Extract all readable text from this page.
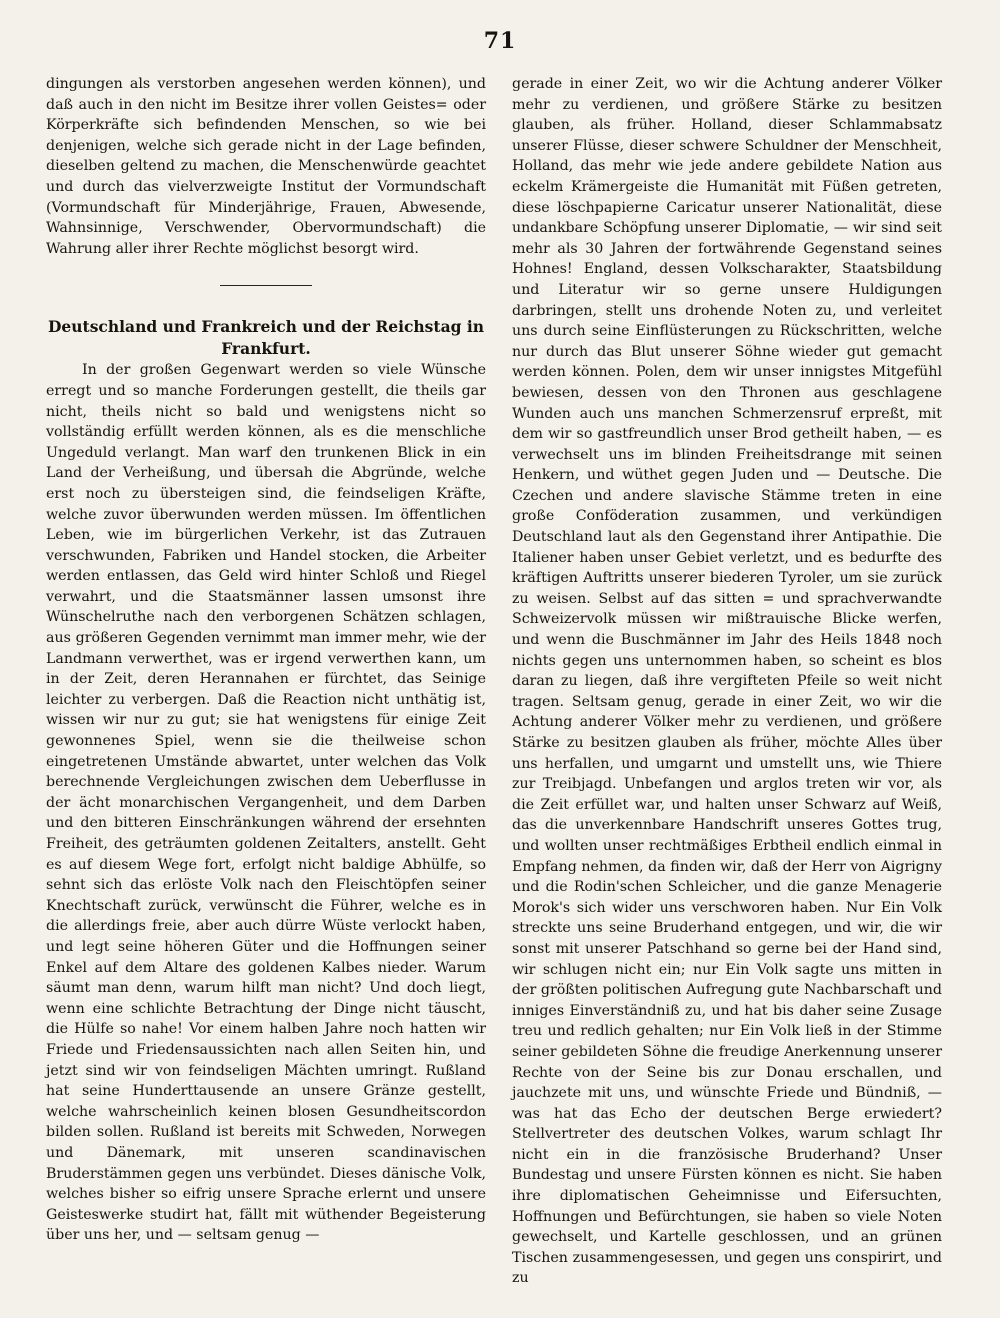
71

dingungen als verstorben angesehen werden können), und daß auch in den nicht im Besitze ihrer vollen Geistes= oder Körperkräfte sich befindenden Menschen, so wie bei denjenigen, welche sich gerade nicht in der Lage befinden, dieselben geltend zu machen, die Menschenwürde geachtet und durch das vielverzweigte Institut der Vormundschaft (Vormundschaft für Minderjährige, Frauen, Abwesende, Wahnsinnige, Verschwender, Obervormundschaft) die Wahrung aller ihrer Rechte möglichst besorgt wird.

Deutschland und Frankreich und der Reichstag in Frankfurt.

In der großen Gegenwart werden so viele Wünsche erregt und so manche Forderungen gestellt, die theils gar nicht, theils nicht so bald und wenigstens nicht so vollständig erfüllt werden können, als es die menschliche Ungeduld verlangt. Man warf den trunkenen Blick in ein Land der Verheißung, und übersah die Abgründe, welche erst noch zu übersteigen sind, die feindseligen Kräfte, welche zuvor überwunden werden müssen. Im öffentlichen Leben, wie im bürgerlichen Verkehr, ist das Zutrauen verschwunden, Fabriken und Handel stocken, die Arbeiter werden entlassen, das Geld wird hinter Schloß und Riegel verwahrt, und die Staatsmänner lassen umsonst ihre Wünschelruthe nach den verborgenen Schätzen schlagen, aus größeren Gegenden vernimmt man immer mehr, wie der Landmann verwerthet, was er irgend verwerthen kann, um in der Zeit, deren Herannahen er fürchtet, das Seinige leichter zu verbergen. Daß die Reaction nicht unthätig ist, wissen wir nur zu gut; sie hat wenigstens für einige Zeit gewonnenes Spiel, wenn sie die theilweise schon eingetretenen Umstände abwartet, unter welchen das Volk berechnende Vergleichungen zwischen dem Ueberflusse in der ächt monarchischen Vergangenheit, und dem Darben und den bitteren Einschränkungen während der ersehnten Freiheit, des geträumten goldenen Zeitalters, anstellt. Geht es auf diesem Wege fort, erfolgt nicht baldige Abhülfe, so sehnt sich das erlöste Volk nach den Fleischtöpfen seiner Knechtschaft zurück, verwünscht die Führer, welche es in die allerdings freie, aber auch dürre Wüste verlockt haben, und legt seine höheren Güter und die Hoffnungen seiner Enkel auf dem Altare des goldenen Kalbes nieder. Warum säumt man denn, warum hilft man nicht? Und doch liegt, wenn eine schlichte Betrachtung der Dinge nicht täuscht, die Hülfe so nahe! Vor einem halben Jahre noch hatten wir Friede und Friedensaussichten nach allen Seiten hin, und jetzt sind wir von feindseligen Mächten umringt. Rußland hat seine Hunderttausende an unsere Gränze gestellt, welche wahrscheinlich keinen blosen Gesundheitscordon bilden sollen. Rußland ist bereits mit Schweden, Norwegen und Dänemark, mit unseren scandinavischen Bruderstämmen gegen uns verbündet. Dieses dänische Volk, welches bisher so eifrig unsere Sprache erlernt und unsere Geisteswerke studirt hat, fällt mit wüthender Begeisterung über uns her, und — seltsam genug —

gerade in einer Zeit, wo wir die Achtung anderer Völker mehr zu verdienen, und größere Stärke zu besitzen glauben, als früher. Holland, dieser Schlammabsatz unserer Flüsse, dieser schwere Schuldner der Menschheit, Holland, das mehr wie jede andere gebildete Nation aus eckelm Krämergeiste die Humanität mit Füßen getreten, diese löschpapierne Caricatur unserer Nationalität, diese undankbare Schöpfung unserer Diplomatie, — wir sind seit mehr als 30 Jahren der fortwährende Gegenstand seines Hohnes! England, dessen Volkscharakter, Staatsbildung und Literatur wir so gerne unsere Huldigungen darbringen, stellt uns drohende Noten zu, und verleitet uns durch seine Einflüsterungen zu Rückschritten, welche nur durch das Blut unserer Söhne wieder gut gemacht werden können. Polen, dem wir unser innigstes Mitgefühl bewiesen, dessen von den Thronen aus geschlagene Wunden auch uns manchen Schmerzensruf erpreßt, mit dem wir so gastfreundlich unser Brod getheilt haben, — es verwechselt uns im blinden Freiheitsdrange mit seinen Henkern, und wüthet gegen Juden und — Deutsche. Die Czechen und andere slavische Stämme treten in eine große Conföderation zusammen, und verkündigen Deutschland laut als den Gegenstand ihrer Antipathie. Die Italiener haben unser Gebiet verletzt, und es bedurfte des kräftigen Auftritts unserer biederen Tyroler, um sie zurück zu weisen. Selbst auf das sitten = und sprachverwandte Schweizervolk müssen wir mißtrauische Blicke werfen, und wenn die Buschmänner im Jahr des Heils 1848 noch nichts gegen uns unternommen haben, so scheint es blos daran zu liegen, daß ihre vergifteten Pfeile so weit nicht tragen. Seltsam genug, gerade in einer Zeit, wo wir die Achtung anderer Völker mehr zu verdienen, und größere Stärke zu besitzen glauben als früher, möchte Alles über uns herfallen, und umgarnt und umstellt uns, wie Thiere zur Treibjagd. Unbefangen und arglos treten wir vor, als die Zeit erfüllet war, und halten unser Schwarz auf Weiß, das die unverkennbare Handschrift unseres Gottes trug, und wollten unser rechtmäßiges Erbtheil endlich einmal in Empfang nehmen, da finden wir, daß der Herr von Aigrigny und die Rodin'schen Schleicher, und die ganze Menagerie Morok's sich wider uns verschworen haben. Nur Ein Volk streckte uns seine Bruderhand entgegen, und wir, die wir sonst mit unserer Patschhand so gerne bei der Hand sind, wir schlugen nicht ein; nur Ein Volk sagte uns mitten in der größten politischen Aufregung gute Nachbarschaft und inniges Einverständniß zu, und hat bis daher seine Zusage treu und redlich gehalten; nur Ein Volk ließ in der Stimme seiner gebildeten Söhne die freudige Anerkennung unserer Rechte von der Seine bis zur Donau erschallen, und jauchzete mit uns, und wünschte Friede und Bündniß, — was hat das Echo der deutschen Berge erwiedert? Stellvertreter des deutschen Volkes, warum schlagt Ihr nicht ein in die französische Bruderhand? Unser Bundestag und unsere Fürsten können es nicht. Sie haben ihre diplomatischen Geheimnisse und Eifersuchten, Hoffnungen und Befürchtungen, sie haben so viele Noten gewechselt, und Kartelle geschlossen, und an grünen Tischen zusammengesessen, und gegen uns conspirirt, und zu
